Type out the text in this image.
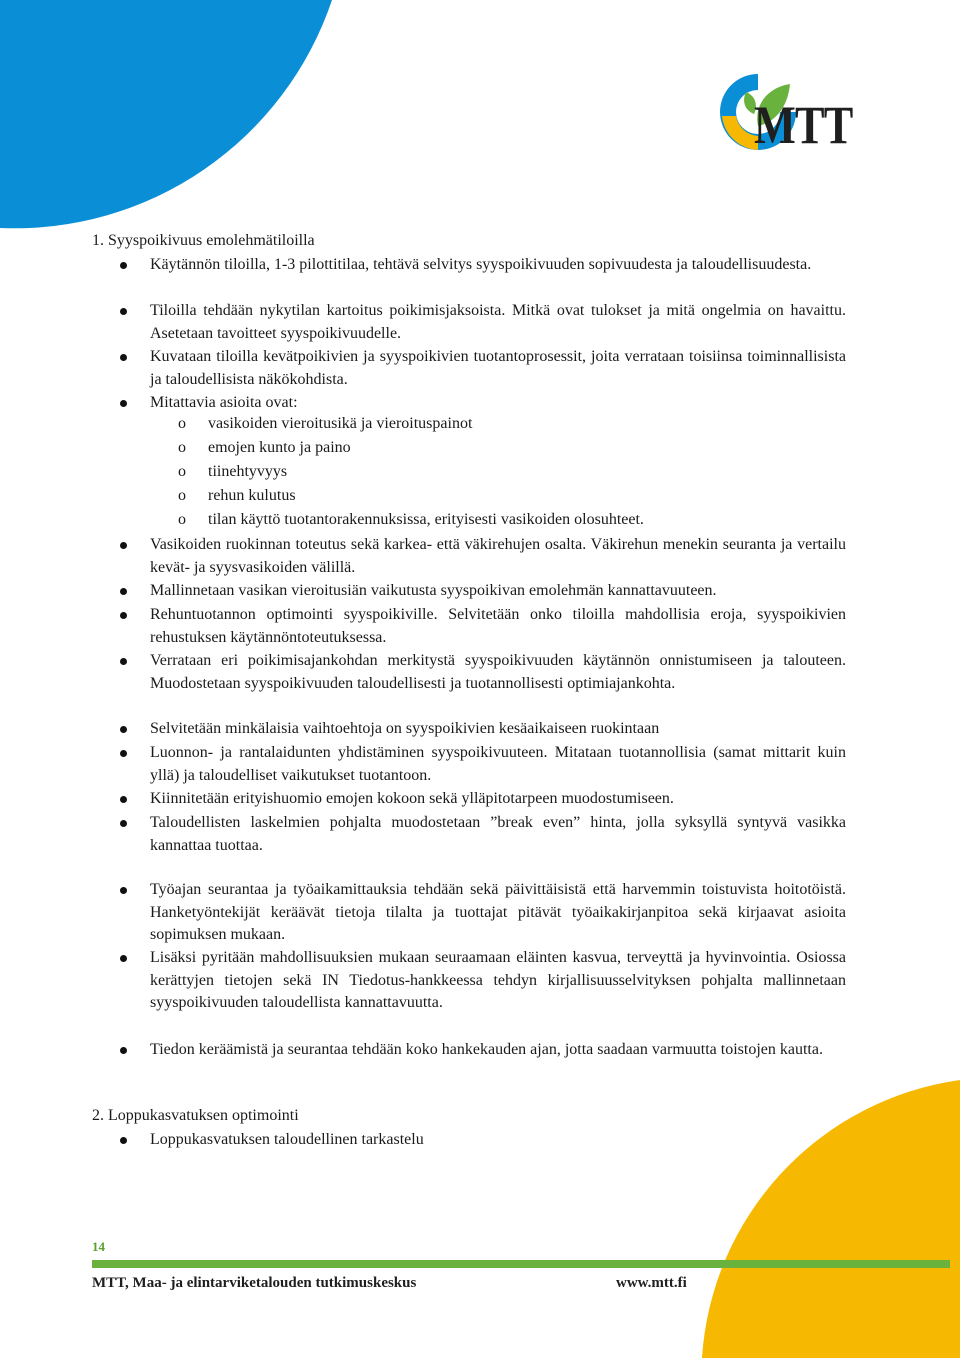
MTT
1. Syyspoikivuus emolehmätiloilla
Käytännön tiloilla, 1-3 pilottitilaa, tehtävä selvitys syyspoikivuuden sopivuudesta ja taloudellisuudesta.
Tiloilla tehdään nykytilan kartoitus poikimisjaksoista. Mitkä ovat tulokset ja mitä ongelmia on havaittu. Asetetaan tavoitteet syyspoikivuudelle.
Kuvataan tiloilla kevätpoikivien ja syyspoikivien tuotantoprosessit, joita verrataan toisiinsa toiminnallisista ja taloudellisista näkökohdista.
Mitattavia asioita ovat:
o vasikoiden vieroitusikä ja vieroituspainot
o emojen kunto ja paino
o tiinehtyvyys
o rehun kulutus
o tilan käyttö tuotantorakennuksissa, erityisesti vasikoiden olosuhteet.
Vasikoiden ruokinnan toteutus sekä karkea- että väkirehujen osalta. Väkirehun menekin seuranta ja vertailu kevät- ja syysvasikoiden välillä.
Mallinnetaan vasikan vieroitusiän vaikutusta syyspoikivan emolehmän kannattavuuteen.
Rehuntuotannon optimointi syyspoikiville. Selvitetään onko tiloilla mahdollisia eroja, syyspoikivien rehustuksen käytännöntoteutuksessa.
Verrataan eri poikimisajankohdan merkitystä syyspoikivuuden käytännön onnistumiseen ja talouteen. Muodostetaan syyspoikivuuden taloudellisesti ja tuotannollisesti optimiajankohta.
Selvitetään minkälaisia vaihtoehtoja on syyspoikivien kesäaikaiseen ruokintaan
Luonnon- ja rantalaidunten yhdistäminen syyspoikivuuteen. Mitataan tuotannollisia (samat mittarit kuin yllä) ja taloudelliset vaikutukset tuotantoon.
Kiinnitetään erityishuomio emojen kokoon sekä ylläpitotarpeen muodostumiseen.
Taloudellisten laskelmien pohjalta muodostetaan ”break even” hinta, jolla syksyllä syntyvä vasikka kannattaa tuottaa.
Työajan seurantaa ja työaikamittauksia tehdään sekä päivittäisistä että harvemmin toistuvista hoitotöistä. Hanketyöntekijät keräävät tietoja tilalta ja tuottajat pitävät työaikakirjanpitoa sekä kirjaavat asioita sopimuksen mukaan.
Lisäksi pyritään mahdollisuuksien mukaan seuraamaan eläinten kasvua, terveyttä ja hyvinvointia. Osiossa kerättyjen tietojen sekä IN Tiedotus-hankkeessa tehdyn kirjallisuusselvityksen pohjalta mallinnetaan syyspoikivuuden taloudellista kannattavuutta.
Tiedon keräämistä ja seurantaa tehdään koko hankekauden ajan, jotta saadaan varmuutta toistojen kautta.
2. Loppukasvatuksen optimointi
Loppukasvatuksen taloudellinen tarkastelu
14
MTT, Maa- ja elintarviketalouden tutkimuskeskus	www.mtt.fi
